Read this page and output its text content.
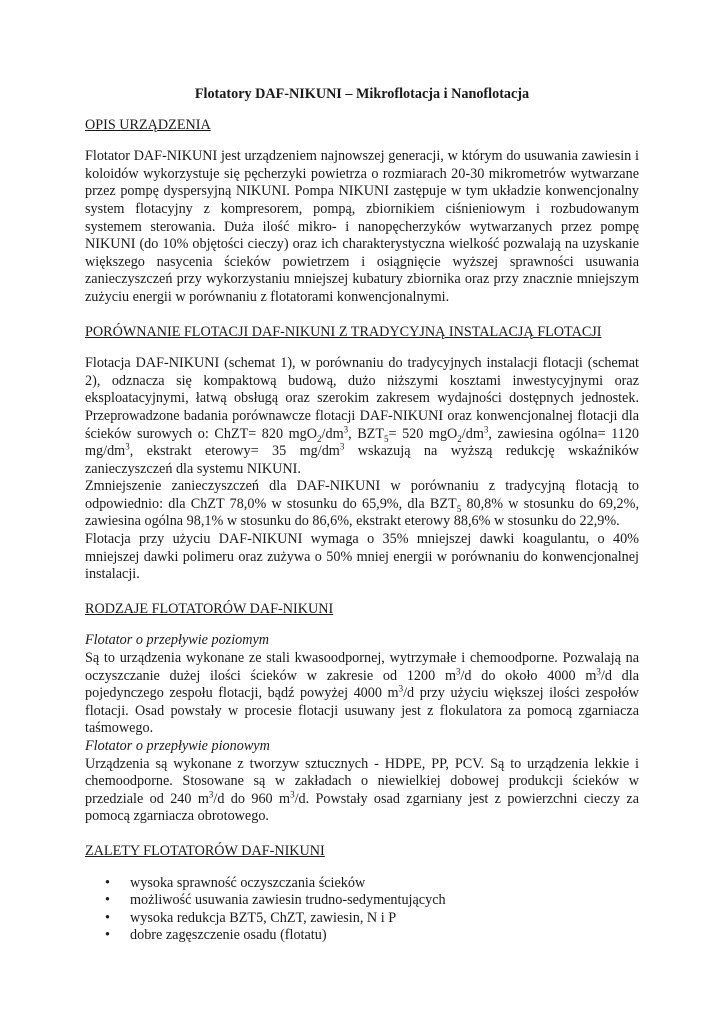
Flotatory DAF-NIKUNI – Mikroflotacja i Nanoflotacja
OPIS URZĄDZENIA

Flotator DAF-NIKUNI jest urządzeniem najnowszej generacji, w którym do usuwania zawiesin i koloidów wykorzystuje się pęcherzyki powietrza o rozmiarach 20-30 mikrometrów wytwarzane przez pompę dyspersyjną NIKUNI. Pompa NIKUNI zastępuje w tym układzie konwencjonalny system flotacyjny z kompresorem, pompą, zbiornikiem ciśnieniowym i rozbudowanym systemem sterowania. Duża ilość mikro- i nanopęcherzyków wytwarzanych przez pompę NIKUNI (do 10% objętości cieczy) oraz ich charakterystyczna wielkość pozwalają na uzyskanie większego nasycenia ścieków powietrzem i osiągnięcie wyższej sprawności usuwania zanieczyszczeń przy wykorzystaniu mniejszej kubatury zbiornika oraz przy znacznie mniejszym zużyciu energii w porównaniu z flotatorami konwencjonalnymi.

PORÓWNANIE FLOTACJI DAF-NIKUNI Z TRADYCYJNĄ INSTALACJĄ FLOTACJI

Flotacja DAF-NIKUNI (schemat 1), w porównaniu do tradycyjnych instalacji flotacji (schemat 2), odznacza się kompaktową budową, dużo niższymi kosztami inwestycyjnymi oraz eksploatacyjnymi, łatwą obsługą oraz szerokim zakresem wydajności dostępnych jednostek. Przeprowadzone badania porównawcze flotacji DAF-NIKUNI oraz konwencjonalnej flotacji dla ścieków surowych o: ChZT= 820 $mgO_2/dm^3$, $BZT_5= 520$ $mgO_2/dm^3$, zawiesina ogólna= 1120 $mg/dm^3$, ekstrakt eterowy= 35 $mg/dm^3$ wskazują na wyższą redukcję wskaźników zanieczyszczeń dla systemu NIKUNI.

Zmniejszenie zanieczyszczeń dla DAF-NIKUNI w porównaniu z tradycyjną flotacją to odpowiednio: dla ChZT 78,0% w stosunku do 65,9%, dla $BZT_5$ 80,8% w stosunku do 69,2%, zawiesina ogólna 98,1% w stosunku do 86,6%, ekstrakt eterowy 88,6% w stosunku do 22,9%.

Flotacja przy użyciu DAF-NIKUNI wymaga o 35% mniejszej dawki koagulantu, o 40% mniejszej dawki polimeru oraz zużywa o 50% mniej energii w porównaniu do konwencjonalnej instalacji.

RODZAJE FLOTATORÓW DAF-NIKUNI

Flotator o przepływie poziomym

Są to urządzenia wykonane ze stali kwasoodpornej, wytrzymałe i chemoodporne. Pozwalają na oczyszczanie dużej ilości ścieków w zakresie od 1200 $m^3/d$ do około 4000 $m^3/d$ dla pojedynczego zespołu flotacji, bądź powyżej 4000 $m^3/d$ przy użyciu większej ilości zespołów flotacji. Osad powstały w procesie flotacji usuwany jest z flokulatora za pomocą zgarniacza taśmowego.

Flotator o przepływie pionowym

Urządzenia są wykonane z tworzyw sztucznych - HDPE, PP, PCV. Są to urządzenia lekkie i chemoodporne. Stosowane są w zakładach o niewielkiej dobowej produkcji ścieków w przedziale od 240 $m^3/d$ do 960 $m^3/d$. Powstały osad zgarniany jest z powierzchni cieczy za pomocą zgarniacza obrotowego.

ZALETY FLOTATORÓW DAF-NIKUNI
• wysoka sprawność oczyszczania ścieków
• możliwość usuwania zawiesin trudno-sedymentujących
• wysoka redukcja BZT5, ChZT, zawiesin, N i P
• dobre zagęszczenie osadu (flotatu)
